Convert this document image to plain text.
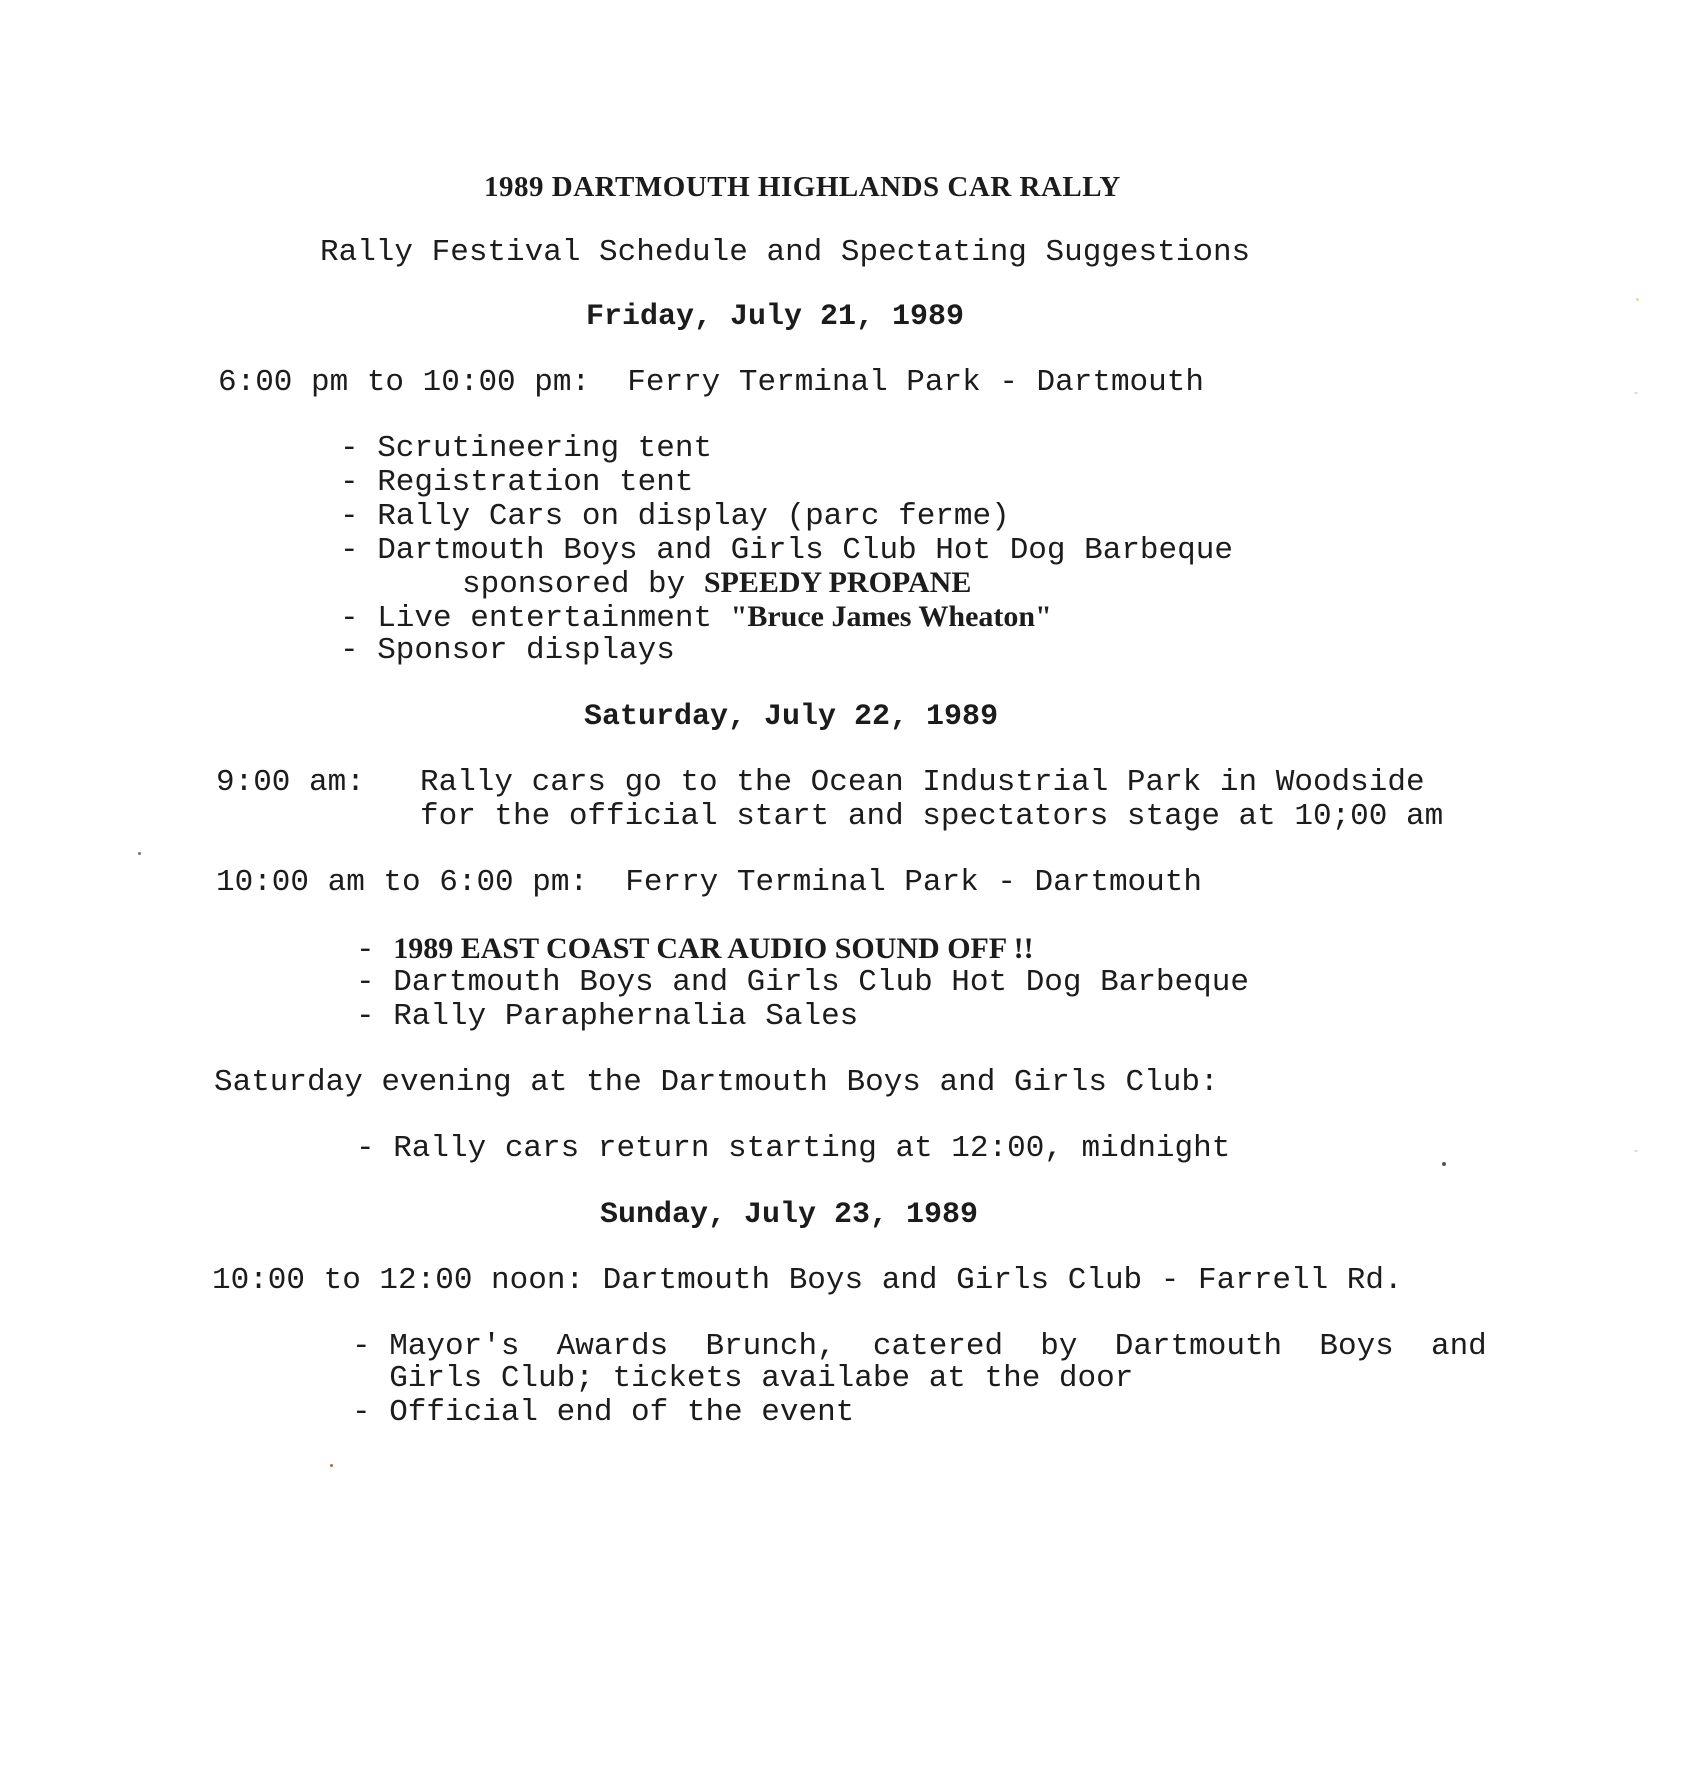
1989 DARTMOUTH HIGHLANDS CAR RALLY
Rally Festival Schedule and Spectating Suggestions
Friday, July 21, 1989
6:00 pm to 10:00 pm:  Ferry Terminal Park - Dartmouth
- Scrutineering tent
- Registration tent
- Rally Cars on display (parc ferme)
- Dartmouth Boys and Girls Club Hot Dog Barbeque
sponsored by SPEEDY PROPANE
- Live entertainment "Bruce James Wheaton"
- Sponsor displays
Saturday, July 22, 1989
9:00 am: Rally cars go to the Ocean Industrial Park in Woodside
for the official start and spectators stage at 10;00 am
10:00 am to 6:00 pm:  Ferry Terminal Park - Dartmouth
- 1989 EAST COAST CAR AUDIO SOUND OFF !!
- Dartmouth Boys and Girls Club Hot Dog Barbeque
- Rally Paraphernalia Sales
Saturday evening at the Dartmouth Boys and Girls Club:
- Rally cars return starting at 12:00, midnight
Sunday, July 23, 1989
10:00 to 12:00 noon: Dartmouth Boys and Girls Club - Farrell Rd.
- Mayor's  Awards  Brunch,  catered  by  Dartmouth  Boys  and
Girls Club; tickets availabe at the door
- Official end of the event
